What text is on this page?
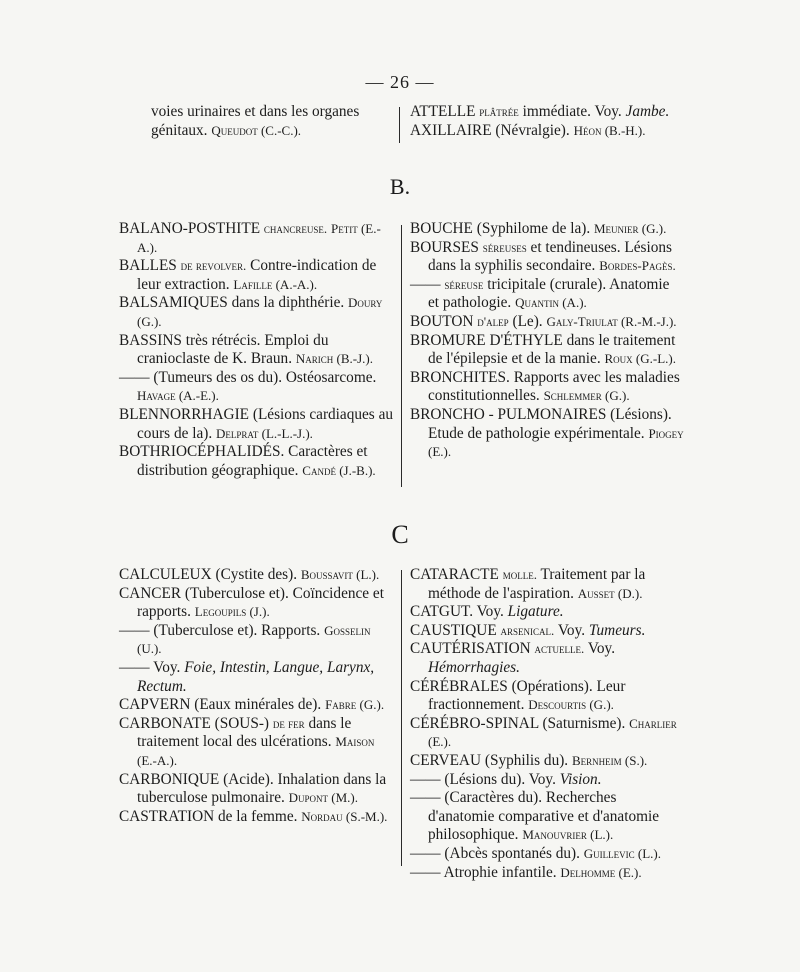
— 26 —
voies urinaires et dans les organes génitaux. Queudot (C.-C.).
ATTELLE plâtrée immédiate. Voy. Jambe.
AXILLAIRE (Névralgie). Héon (B.-H.).
B.
BALANO-POSTHITE chancreuse. Petit (E.-A.).
BALLES de revolver. Contre-indication de leur extraction. Lafille (A.-A.).
BALSAMIQUES dans la diphthérie. Doury (G.).
BASSINS très rétrécis. Emploi du cranioclaste de K. Braun. Narich (B.-J.).
—— (Tumeurs des os du). Ostéosarcome. Havage (A.-E.).
BLENNORRHAGIE (Lésions cardiaques au cours de la). Delprat (L.-L.-J.).
BOTHRIOCÉPHALIDÉS. Caractères et distribution géographique. Candé (J.-B.).
BOUCHE (Syphilome de la). Meunier (G.).
BOURSES séreuses et tendineuses. Lésions dans la syphilis secondaire. Bordes-Pagès.
—— séreuse tricipitale (crurale). Anatomie et pathologie. Quantin (A.).
BOUTON d'alep (Le). Galy-Triulat (R.-M.-J.).
BROMURE D'ÉTHYLE dans le traitement de l'épilepsie et de la manie. Roux (G.-L.).
BRONCHITES. Rapports avec les maladies constitutionnelles. Schlemmer (G.).
BRONCHO - PULMONAIRES (Lésions). Etude de pathologie expérimentale. Piogey (E.).
C
CALCULEUX (Cystite des). Boussavit (L.).
CANCER (Tuberculose et). Coïncidence et rapports. Legoupils (J.).
—— (Tuberculose et). Rapports. Gosselin (U.).
—— Voy. Foie, Intestin, Langue, Larynx, Rectum.
CAPVERN (Eaux minérales de). Fabre (G.).
CARBONATE (SOUS-) de fer dans le traitement local des ulcérations. Maison (E.-A.).
CARBONIQUE (Acide). Inhalation dans la tuberculose pulmonaire. Dupont (M.).
CASTRATION de la femme. Nordau (S.-M.).
CATARACTE molle. Traitement par la méthode de l'aspiration. Ausset (D.).
CATGUT. Voy. Ligature.
CAUSTIQUE arsenical. Voy. Tumeurs.
CAUTÉRISATION actuelle. Voy. Hémorrhagies.
CÉRÉBRALES (Opérations). Leur fractionnement. Descourtis (G.).
CÉRÉBRO-SPINAL (Saturnisme). Charlier (E.).
CERVEAU (Syphilis du). Bernheim (S.).
—— (Lésions du). Voy. Vision.
—— (Caractères du). Recherches d'anatomie comparative et d'anatomie philosophique. Manouvrier (L.).
—— (Abcès spontanés du). Guillevic (L.).
—— Atrophie infantile. Delhomme (E.).
